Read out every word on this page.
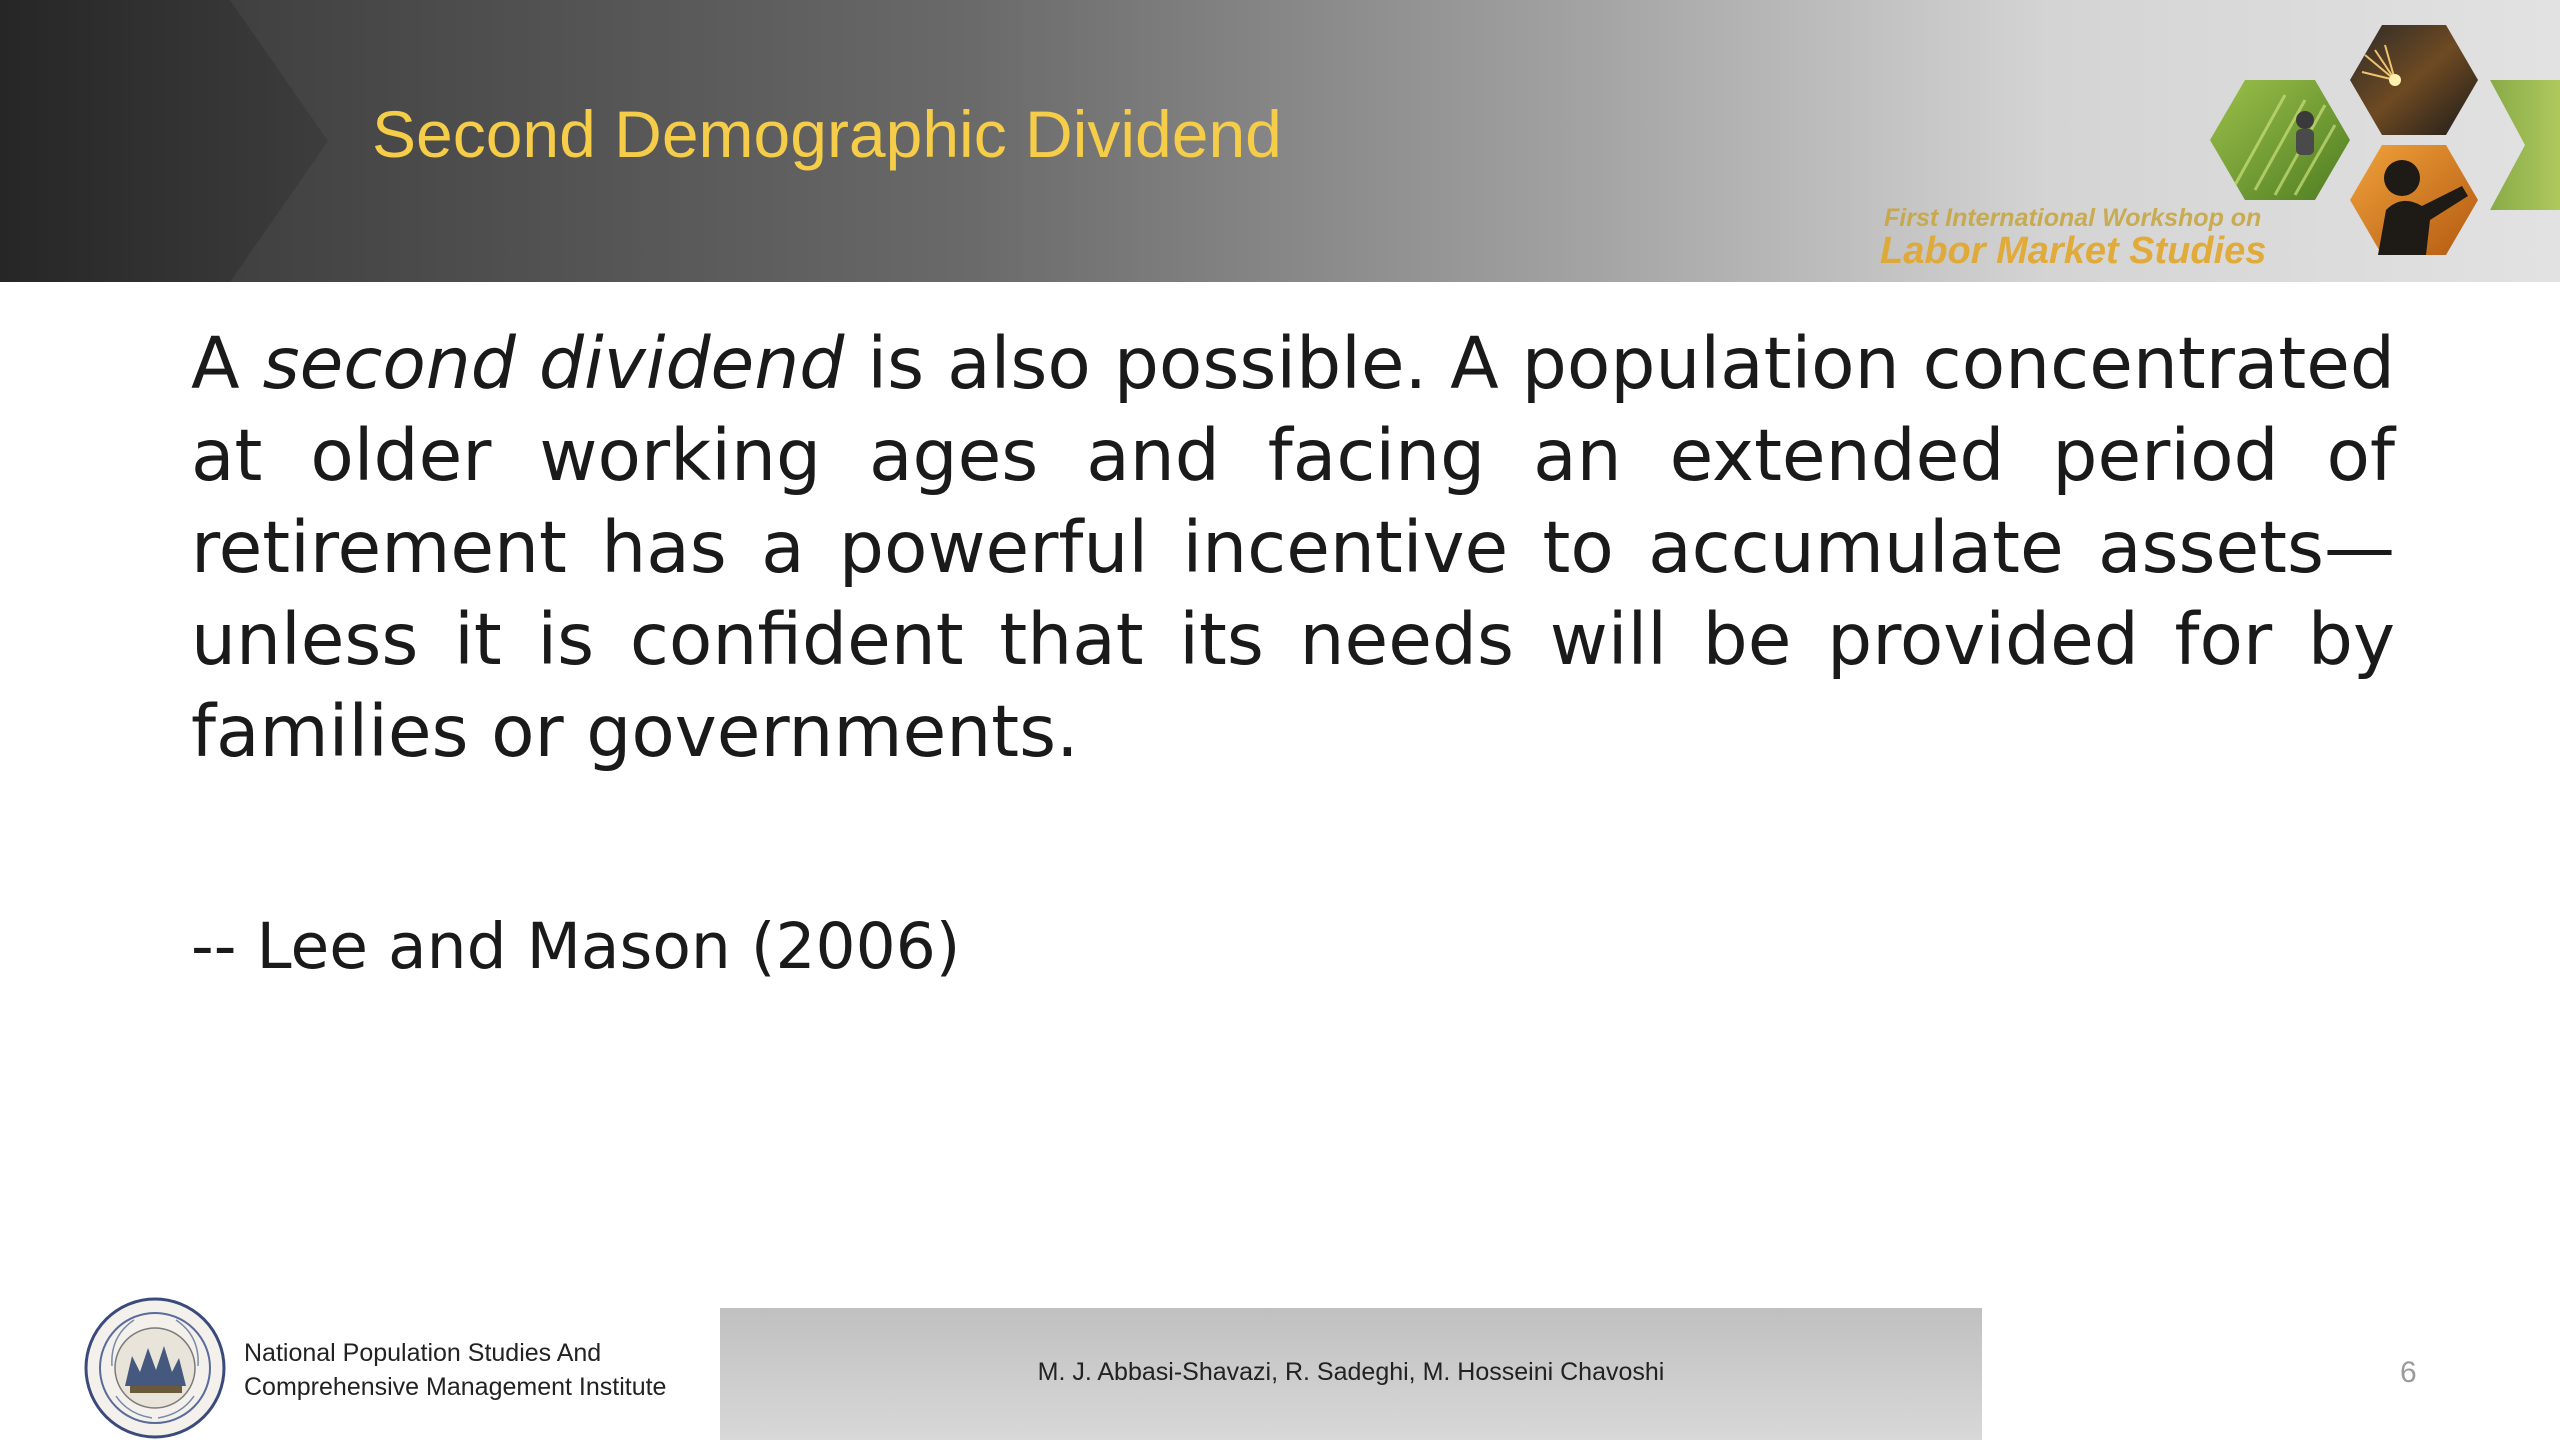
Second Demographic Dividend
First International Workshop on
Labor Market Studies

A second dividend is also possible. A population concentrated at older working ages and facing an extended period of retirement has a powerful incentive to accumulate assets—unless it is confident that its needs will be provided for by families or governments.

-- Lee and Mason (2006)
National Population Studies And
Comprehensive Management Institute
M. J. Abbasi-Shavazi, R. Sadeghi, M. Hosseini Chavoshi	6
